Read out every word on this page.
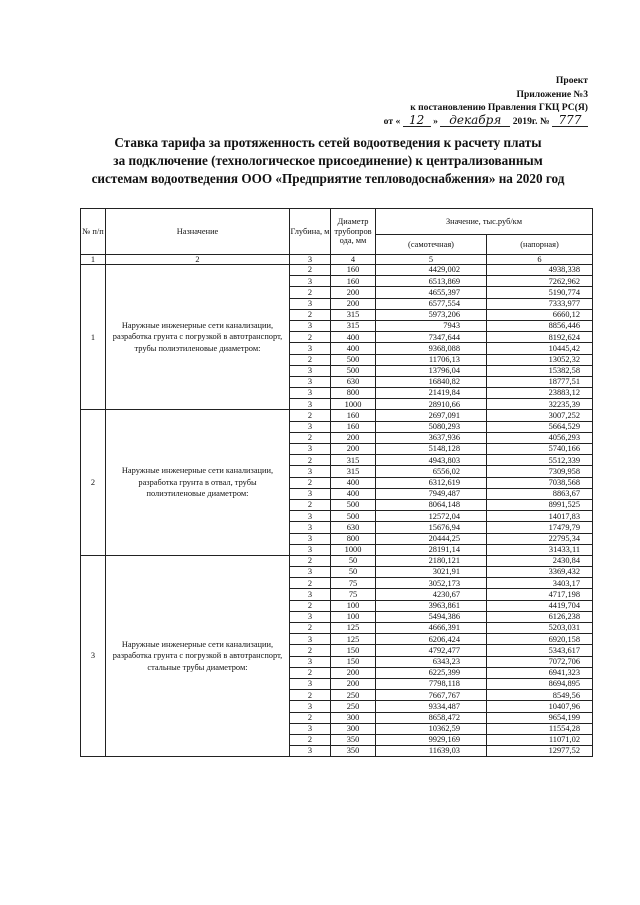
Проект
Приложение №3
к постановлению Правления ГКЦ РС(Я)
от « 12 » декабря 2019г. № 777
Ставка тарифа за протяженность сетей водоотведения к расчету платы
за подключение (технологическое присоединение) к централизованным
системам водоотведения ООО «Предприятие тепловодоснабжения» на 2020 год
№ п/п	Назначение	Глубина, м	Диаметр трубопров ода, мм	Значение, тыс.руб/км	
				(самотечная)	(напорная)
1	2	3	4	5	6
1	Наружные инженерные сети канализации, разработка грунта с погрузкой в автотранспорт, трубы полиэтиленовые диаметром:	2	160	4429,002	4938,338
		3	160	6513,869	7262,962
		2	200	4655,397	5190,774
		3	200	6577,554	7333,977
		2	315	5973,206	6660,12
		3	315	7943	8856,446
		2	400	7347,644	8192,624
		3	400	9368,088	10445,42
		2	500	11706,13	13052,32
		3	500	13796,04	15382,58
		3	630	16840,82	18777,51
		3	800	21419,84	23883,12
		3	1000	28910,66	32235,39
2	Наружные инженерные сети канализации, разработка грунта в отвал, трубы полиэтиленовые диаметром:	2	160	2697,091	3007,252
		3	160	5080,293	5664,529
		2	200	3637,936	4056,293
		3	200	5148,128	5740,166
		2	315	4943,803	5512,339
		3	315	6556,02	7309,958
		2	400	6312,619	7038,568
		3	400	7949,487	8863,67
		2	500	8064,148	8991,525
		3	500	12572,04	14017,83
		3	630	15676,94	17479,79
		3	800	20444,25	22795,34
		3	1000	28191,14	31433,11
3	Наружные инженерные сети канализации, разработка грунта с погрузкой в автотранспорт, стальные трубы диаметром:	2	50	2180,121	2430,84
		3	50	3021,91	3369,432
		2	75	3052,173	3403,17
		3	75	4230,67	4717,198
		2	100	3963,861	4419,704
		3	100	5494,386	6126,238
		2	125	4666,391	5203,031
		3	125	6206,424	6920,158
		2	150	4792,477	5343,617
		3	150	6343,23	7072,706
		2	200	6225,399	6941,323
		3	200	7798,118	8694,895
		2	250	7667,767	8549,56
		3	250	9334,487	10407,96
		2	300	8658,472	9654,199
		3	300	10362,59	11554,28
		2	350	9929,169	11071,02
		3	350	11639,03	12977,52
